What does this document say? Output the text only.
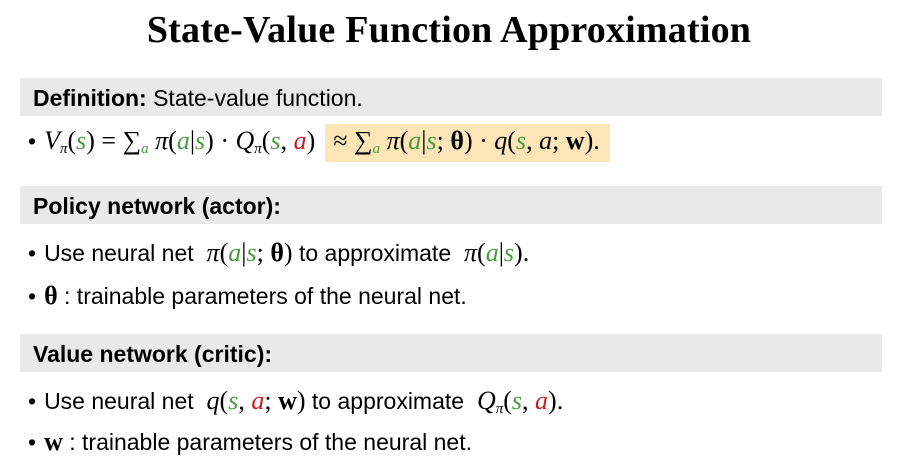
State-Value Function Approximation
Definition: State-value function.
• $V_\pi(s) = \sum_a$ $\pi(a|s) \cdot Q_\pi(s$, $a) \approx \sum_a$ π(a|s; θ) · q(s, a; w).
Policy network (actor):
• Use neural net π(a|s; θ) to approximate π(a|s).
• θ : trainable parameters of the neural net.
Value network (critic):
• Use neural net q(s, a; w) to approximate $Q_\pi(s$, a).
• w : trainable parameters of the neural net.
